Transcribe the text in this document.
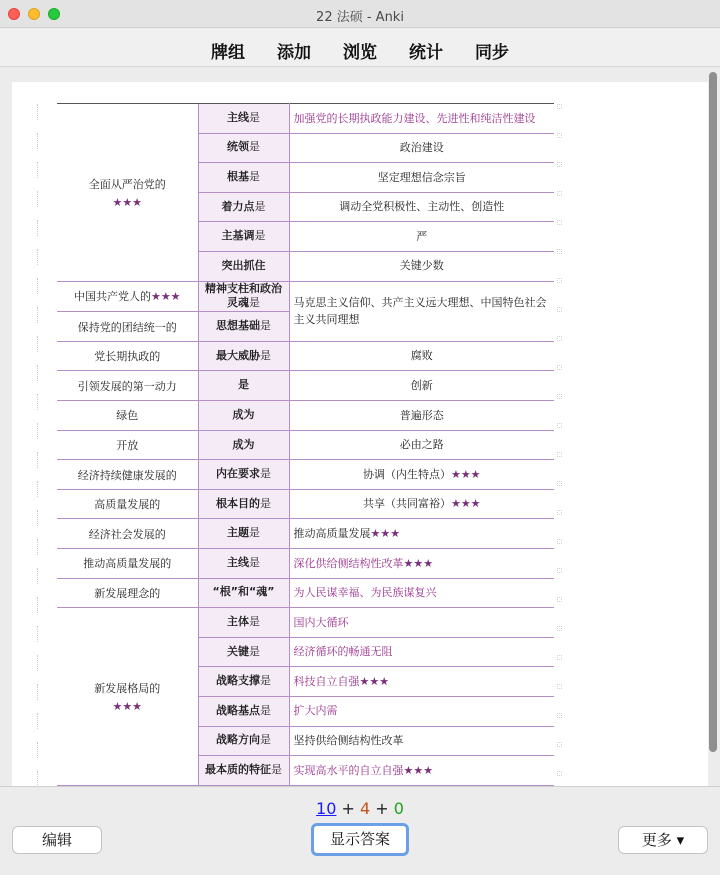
22 法硕 - Anki
牌组 添加 浏览 统计 同步
全面从严治党的
★★★	主线是	加强党的长期执政能力建设、先进性和纯洁性建设
	统领是	政治建设
	根基是	坚定理想信念宗旨
	着力点是	调动全党积极性、主动性、创造性
	主基调是	严
	突出抓住	关键少数
中国共产党人的★★★	精神支柱和政治灵魂是	马克思主义信仰、共产主义远大理想、中国特色社会主义共同理想
保持党的团结统一的	思想基础是	
党长期执政的	最大威胁是	腐败
引领发展的第一动力	是	创新
绿色	成为	普遍形态
开放	成为	必由之路
经济持续健康发展的	内在要求是	协调（内生特点）★★★
高质量发展的	根本目的是	共享（共同富裕）★★★
经济社会发展的	主题是	推动高质量发展★★★
推动高质量发展的	主线是	深化供给侧结构性改革★★★
新发展理念的	“根”和“魂”	为人民谋幸福、为民族谋复兴
新发展格局的
★★★	主体是	国内大循环
	关键是	经济循环的畅通无阻
	战略支撑是	科技自立自强★★★
	战略基点是	扩大内需
	战略方向是	坚持供给侧结构性改革
	最本质的特征是	实现高水平的自立自强★★★
10 + 4 + 0
编辑	显示答案	更多 ▾
